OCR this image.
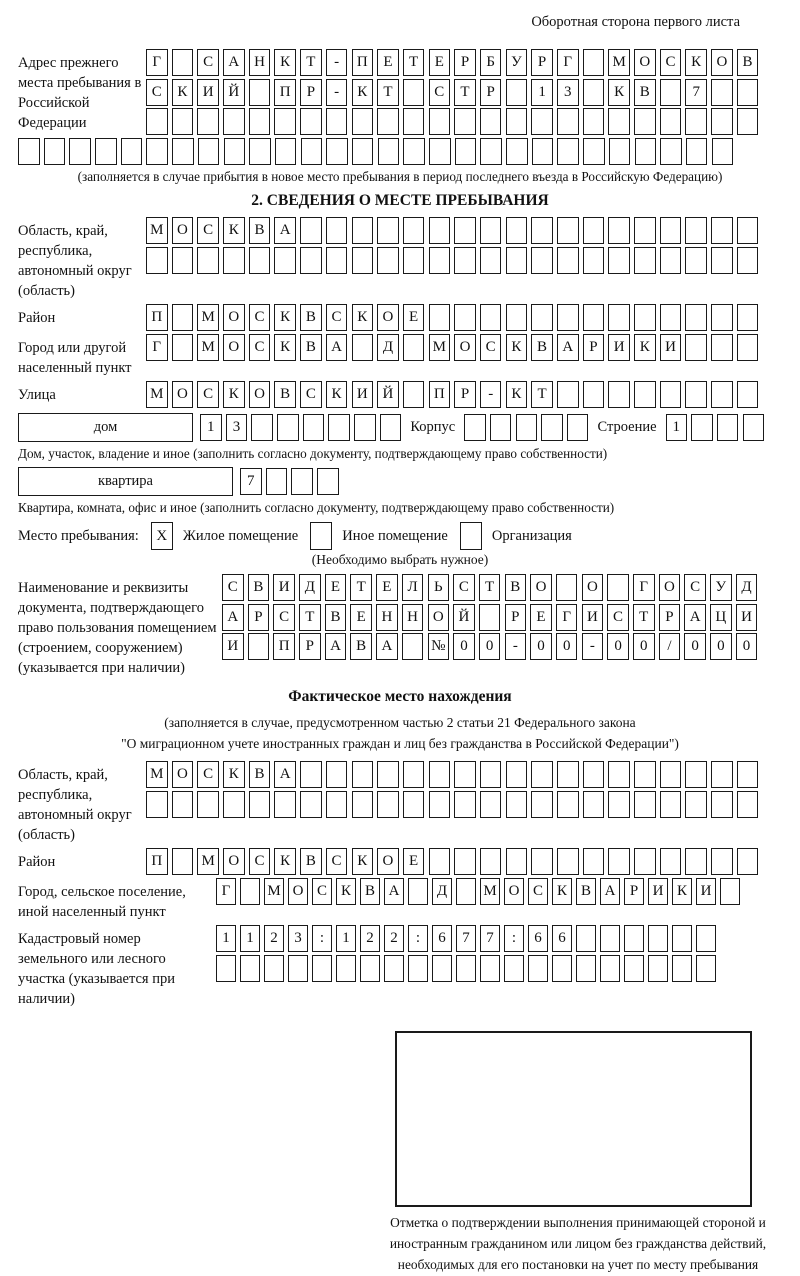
Оборотная сторона первого листа
Адрес прежнего места пребывания в Российской Федерации
Г	С	А Н	К	Т	-	П	Е	Т	Е	Р	Б	У	Р	Г	М О	С	К	О	В
С	К	И Й	П	Р	-	К	Т	С	Т	Р	1	3	К	В	7
(заполняется в случае прибытия в новое место пребывания в период последнего въезда в Российскую Федерацию)
2. СВЕДЕНИЯ О МЕСТЕ ПРЕБЫВАНИЯ
Область, край, республика, автономный округ (область)
М О	С	К	В	А
Район	П	М О	С	К	В	С	К	О	Е
Город или другой населенный пункт
Г	М О	С	К	В	А	Д	М О	С	К	В	А	Р	И	К	И
Улица	М О	С	К	О	В	С	К	И Й	П	Р	-	К	Т
дом	1	3	Корпус	Строение	1
Дом, участок, владение и иное (заполнить согласно документу, подтверждающему право собственности)
квартира	7
Квартира, комната, офис и иное (заполнить согласно документу, подтверждающему право собственности)
Место пребывания:	X	Жилое помещение	Иное помещение	Организация
(Необходимо выбрать нужное)
Наименование и реквизиты документа, подтверждающего право пользования помещением (строением, сооружением) (указывается при наличии)
С	В	И	Д	Е	Т	Е	Л	Ь	С	Т	В	О	О	Г	О	С	У	Д
А	Р	С	Т	В	Е	Н Н О Й	Р	Е	Г	И	С	Т	Р	А Ц И
И	П	Р	А	В	А	№ 0	0	-	0	0	-	0	0	/	0	0	0
Фактическое место нахождения
(заполняется в случае, предусмотренном частью 2 статьи 21 Федерального закона
"О миграционном учете иностранных граждан и лиц без гражданства в Российской Федерации")
Область, край, республика, автономный округ (область)
М О	С	К	В	А
Район	П	М О	С	К	В	С	К	О	Е
Город, сельское поселение, иной населенный пункт
Г	М О С К В А	Д	М О С К В А Р И К И
Кадастровый номер земельного или лесного участка (указывается при наличии)
1	1	2	3	:	1	2	2	:	6	7	7	:	6	6
Отметка о подтверждении выполнения принимающей стороной и иностранным гражданином или лицом без гражданства действий, необходимых для его постановки на учет по месту пребывания
